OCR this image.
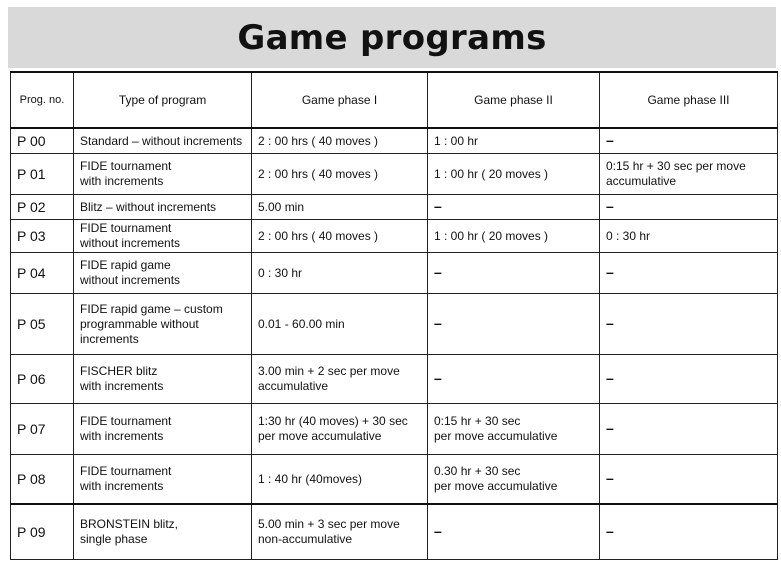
Game programs
Prog. no.	Type of program	Game phase I	Game phase II	Game phase III

P 00	Standard – without increments	2 : 00 hrs ( 40 moves )	1 : 00 hr	–

P 01	FIDE tournament
with increments	2 : 00 hrs ( 40 moves )	1 : 00 hr ( 20 moves )	0:15 hr + 30 sec per move
accumulative

P 02	Blitz – without increments	5.00 min	–	–

P 03	FIDE tournament
without increments	2 : 00 hrs ( 40 moves )	1 : 00 hr ( 20 moves )	0 : 30 hr

P 04	FIDE rapid game
without increments	0 : 30 hr	–	–

P 05	FIDE rapid game – custom
programmable without
increments	0.01 - 60.00 min	–	–

P 06	FISCHER blitz
with increments	3.00 min + 2 sec per move
accumulative	–	–

P 07	FIDE tournament
with increments	1:30 hr (40 moves) + 30 sec
per move accumulative	0:15 hr + 30 sec
per move accumulative	–

P 08	FIDE tournament
with increments	1 : 40 hr (40moves)	0.30 hr + 30 sec
per move accumulative	–

P 09	BRONSTEIN blitz,
single phase	5.00 min + 3 sec per move
non-accumulative	–	–
